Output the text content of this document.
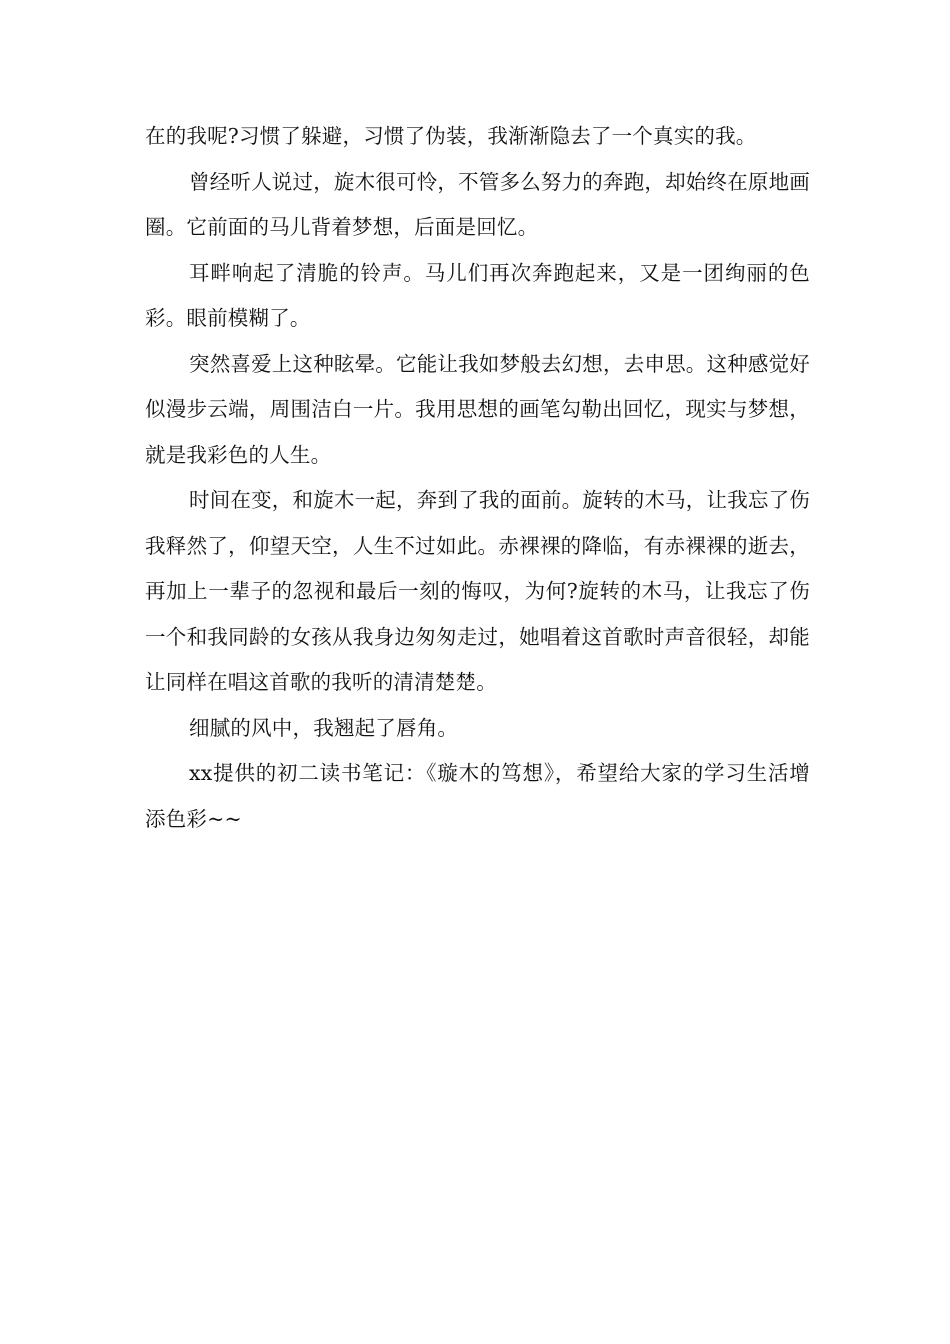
在的我呢?习惯了躲避，习惯了伪装，我渐渐隐去了一个真实的我。

曾经听人说过，旋木很可怜，不管多么努力的奔跑，却始终在原地画圈。它前面的马儿背着梦想，后面是回忆。

耳畔响起了清脆的铃声。马儿们再次奔跑起来，又是一团绚丽的色彩。眼前模糊了。

突然喜爱上这种眩晕。它能让我如梦般去幻想，去申思。这种感觉好似漫步云端，周围洁白一片。我用思想的画笔勾勒出回忆，现实与梦想，就是我彩色的人生。

时间在变，和旋木一起，奔到了我的面前。旋转的木马，让我忘了伤我释然了，仰望天空，人生不过如此。赤裸裸的降临，有赤裸裸的逝去，再加上一辈子的忽视和最后一刻的悔叹，为何?旋转的木马，让我忘了伤一个和我同龄的女孩从我身边匆匆走过，她唱着这首歌时声音很轻，却能让同样在唱这首歌的我听的清清楚楚。

细腻的风中，我翘起了唇角。

xx提供的初二读书笔记：《璇木的笃想》，希望给大家的学习生活增添色彩~~
